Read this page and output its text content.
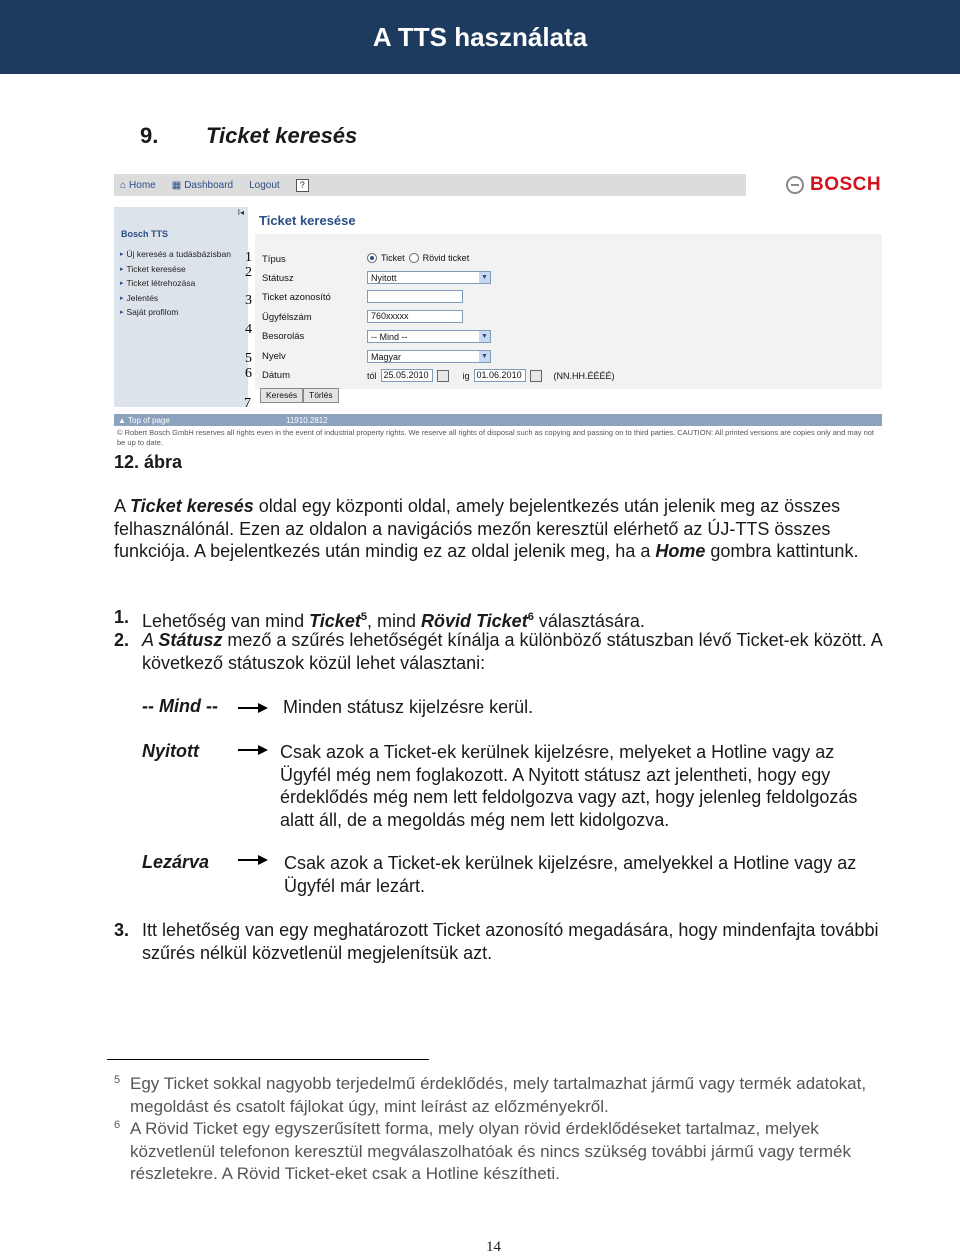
A TTS használata
9. Ticket keresés
⌂ Home ▦ Dashboard Logout	?	BOSCH
I◂
Bosch TTS
▸ Új keresés a tudásbázisban
▸ Ticket keresése
▸ Ticket létrehozása
▸ Jelentés
▸ Saját profilom
Ticket keresése
1 Típus	Ticket Rövid ticket
2 Státusz	Nyitott	▼
3 Ticket azonosító
Ügyfélszám	760xxxxx
4 Besorolás	-- Mind --	▼
5 Nyelv	Magyar	▼
6 Dátum	tól 25.05.2010	ig 01.06.2010	(NN.HH.ÉÉÉÉ)
7
Keresés	Törlés
▲ Top of page	11910.2812
© Robert Bosch GmbH reserves all rights even in the event of industrial property rights. We reserve all rights of disposal such as copying and passing on to third parties. CAUTION: All printed versions are copies only and may not be up to date.
12. ábra
A Ticket keresés oldal egy központi oldal, amely bejelentkezés után jelenik meg az összes felhasználónál. Ezen az oldalon a navigációs mezőn keresztül elérhető az ÚJ-TTS összes funkciója. A bejelentkezés után mindig ez az oldal jelenik meg, ha a Home gombra kattintunk.
1. Lehetőség van mind Ticket$^5$, mind Rövid Ticket$^6$ választására.
2. A Státusz mező a szűrés lehetőségét kínálja a különböző státuszban lévő Ticket-ek között. A következő státuszok közül lehet választani:
-- Mind --	Minden státusz kijelzésre kerül.
Nyitott	Csak azok a Ticket-ek kerülnek kijelzésre, melyeket a Hotline vagy az Ügyfél még nem foglakozott. A Nyitott státusz azt jelentheti, hogy egy érdeklődés még nem lett feldolgozva vagy azt, hogy jelenleg feldolgozás alatt áll, de a megoldás még nem lett kidolgozva.
Lezárva	Csak azok a Ticket-ek kerülnek kijelzésre, amelyekkel a Hotline vagy az Ügyfél már lezárt.
3. Itt lehetőség van egy meghatározott Ticket azonosító megadására, hogy mindenfajta további szűrés nélkül közvetlenül megjelenítsük azt.
5 Egy Ticket sokkal nagyobb terjedelmű érdeklődés, mely tartalmazhat jármű vagy termék adatokat, megoldást és csatolt fájlokat úgy, mint leírást az előzményekről.
6 A Rövid Ticket egy egyszerűsített forma, mely olyan rövid érdeklődéseket tartalmaz, melyek közvetlenül telefonon keresztül megválaszolhatóak és nincs szükség további jármű vagy termék részletekre. A Rövid Ticket-eket csak a Hotline készítheti.
14
